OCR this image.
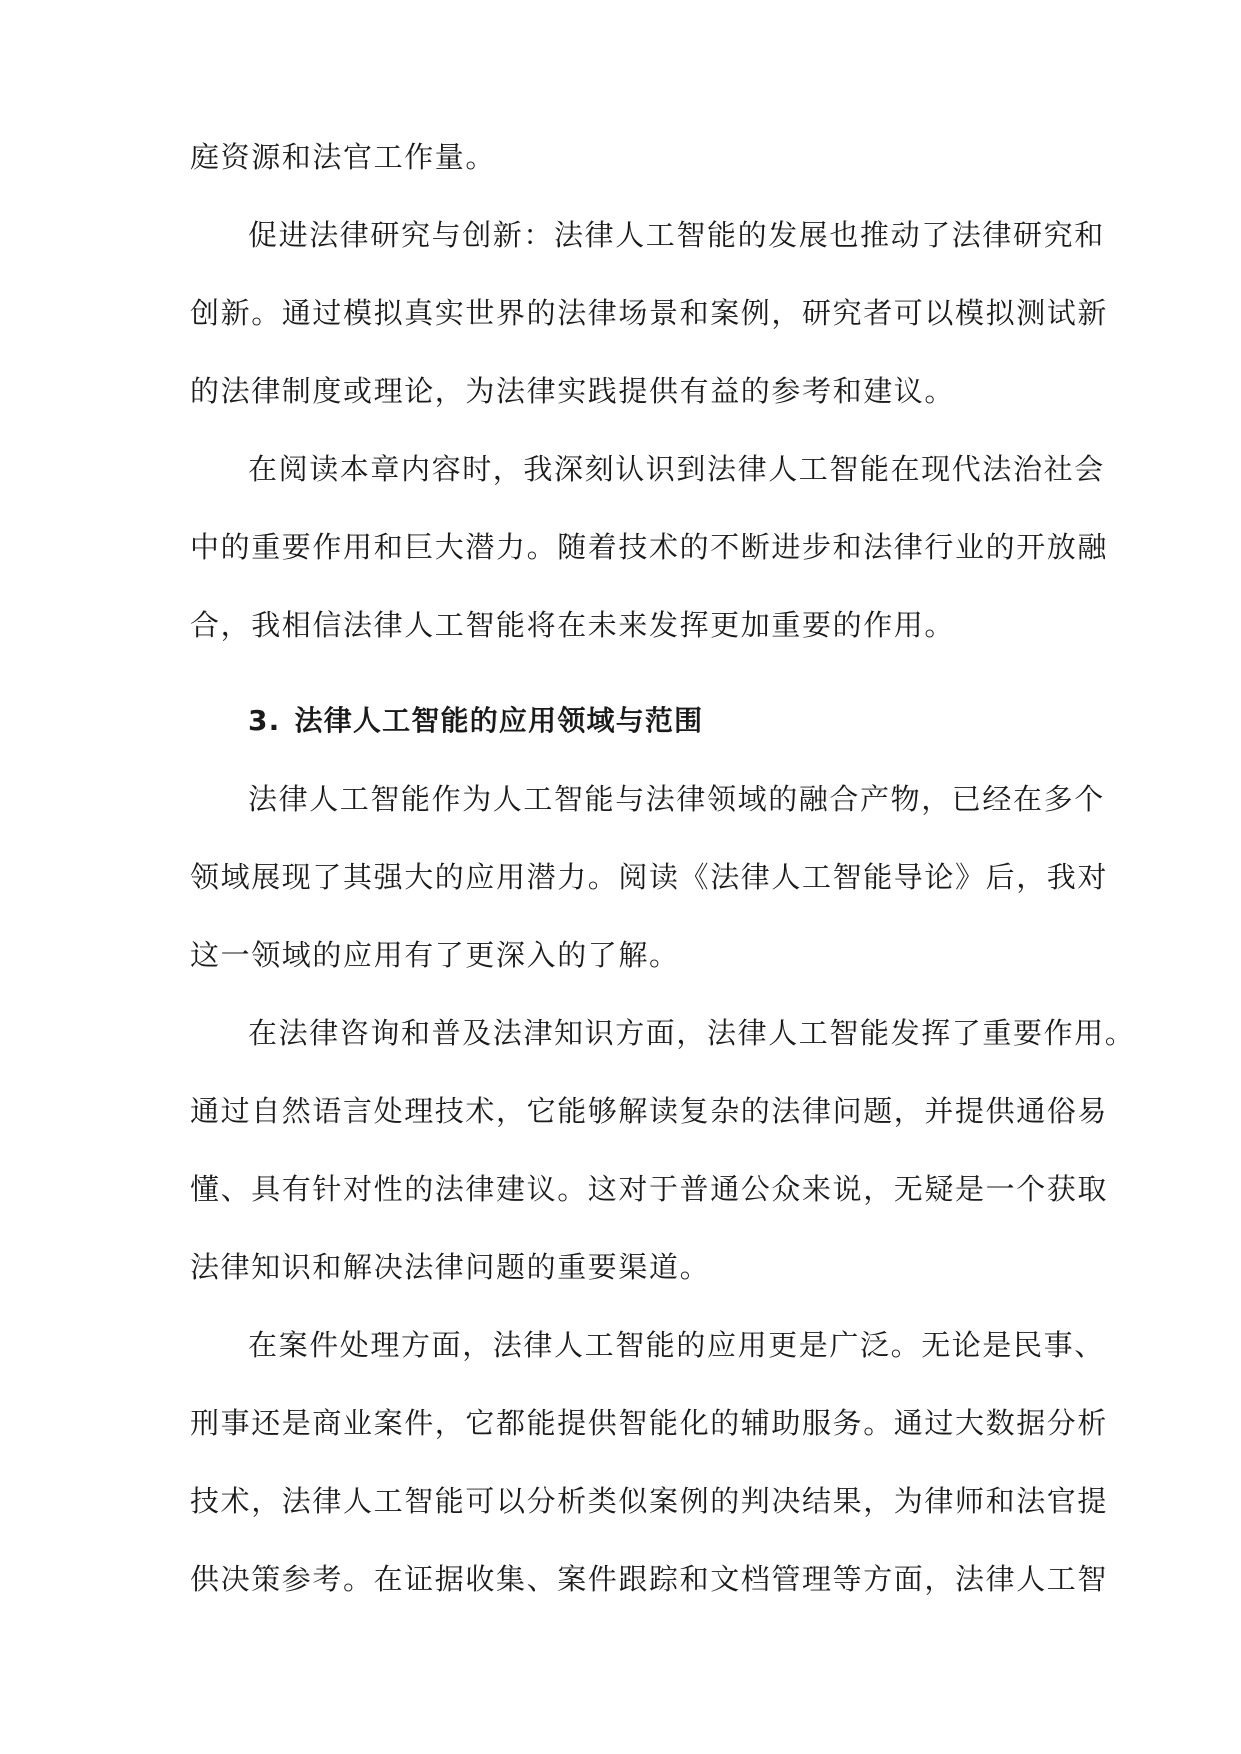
庭资源和法官工作量。
促进法律研究与创新：法律人工智能的发展也推动了法律研究和
创新。通过模拟真实世界的法律场景和案例，研究者可以模拟测试新
的法律制度或理论，为法律实践提供有益的参考和建议。
在阅读本章内容时，我深刻认识到法律人工智能在现代法治社会
中的重要作用和巨大潜力。随着技术的不断进步和法律行业的开放融
合，我相信法律人工智能将在未来发挥更加重要的作用。
3. 法律人工智能的应用领域与范围
法律人工智能作为人工智能与法律领域的融合产物，已经在多个
领域展现了其强大的应用潜力。阅读《法律人工智能导论》后，我对
这一领域的应用有了更深入的了解。
在法律咨询和普及法津知识方面，法律人工智能发挥了重要作用。
通过自然语言处理技术，它能够解读复杂的法律问题，并提供通俗易
懂、具有针对性的法律建议。这对于普通公众来说，无疑是一个获取
法律知识和解决法律问题的重要渠道。
在案件处理方面，法律人工智能的应用更是广泛。无论是民事、
刑事还是商业案件，它都能提供智能化的辅助服务。通过大数据分析
技术，法律人工智能可以分析类似案例的判决结果，为律师和法官提
供决策参考。在证据收集、案件跟踪和文档管理等方面，法律人工智
